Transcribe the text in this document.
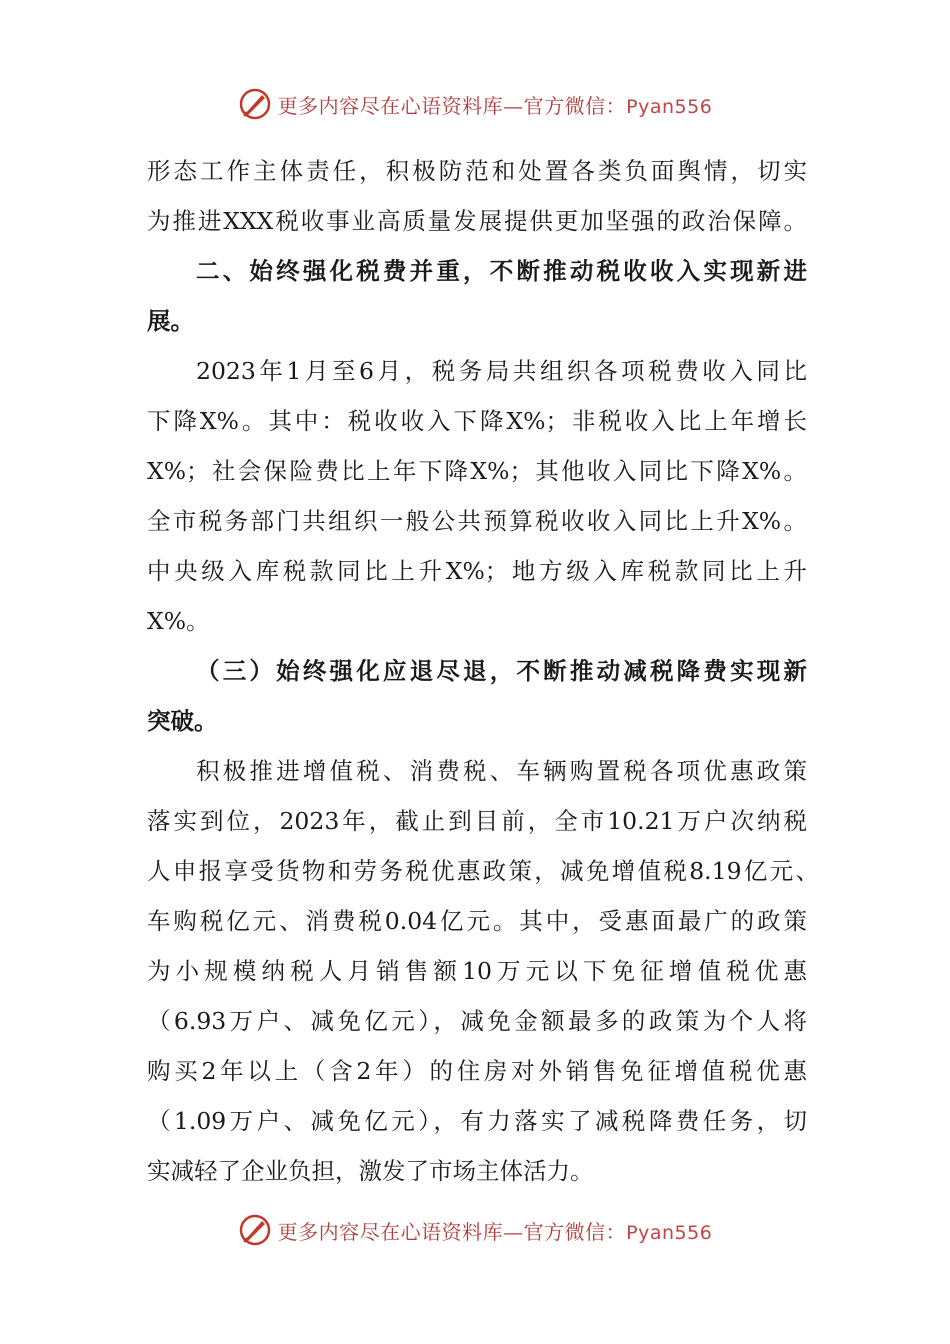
更多内容尽在心语资料库—官方微信：Pyan556
形态工作主体责任，积极防范和处置各类负面舆情，切实
为推进XXX税收事业高质量发展提供更加坚强的政治保障。
二、始终强化税费并重，不断推动税收收入实现新进
展。
2023年1月至6月，税务局共组织各项税费收入同比
下降X%。其中：税收收入下降X%；非税收入比上年增长
X%；社会保险费比上年下降X%；其他收入同比下降X%。
全市税务部门共组织一般公共预算税收收入同比上升X%。
中央级入库税款同比上升X%；地方级入库税款同比上升
X%。
（三）始终强化应退尽退，不断推动减税降费实现新
突破。
积极推进增值税、消费税、车辆购置税各项优惠政策
落实到位，2023年，截止到目前，全市10.21万户次纳税
人申报享受货物和劳务税优惠政策，减免增值税8.19亿元、
车购税亿元、消费税0.04亿元。其中，受惠面最广的政策
为小规模纳税人月销售额10万元以下免征增值税优惠
（6.93万户、减免亿元），减免金额最多的政策为个人将
购买2年以上（含2年）的住房对外销售免征增值税优惠
（1.09万户、减免亿元），有力落实了减税降费任务，切
实减轻了企业负担，激发了市场主体活力。
更多内容尽在心语资料库—官方微信：Pyan556
